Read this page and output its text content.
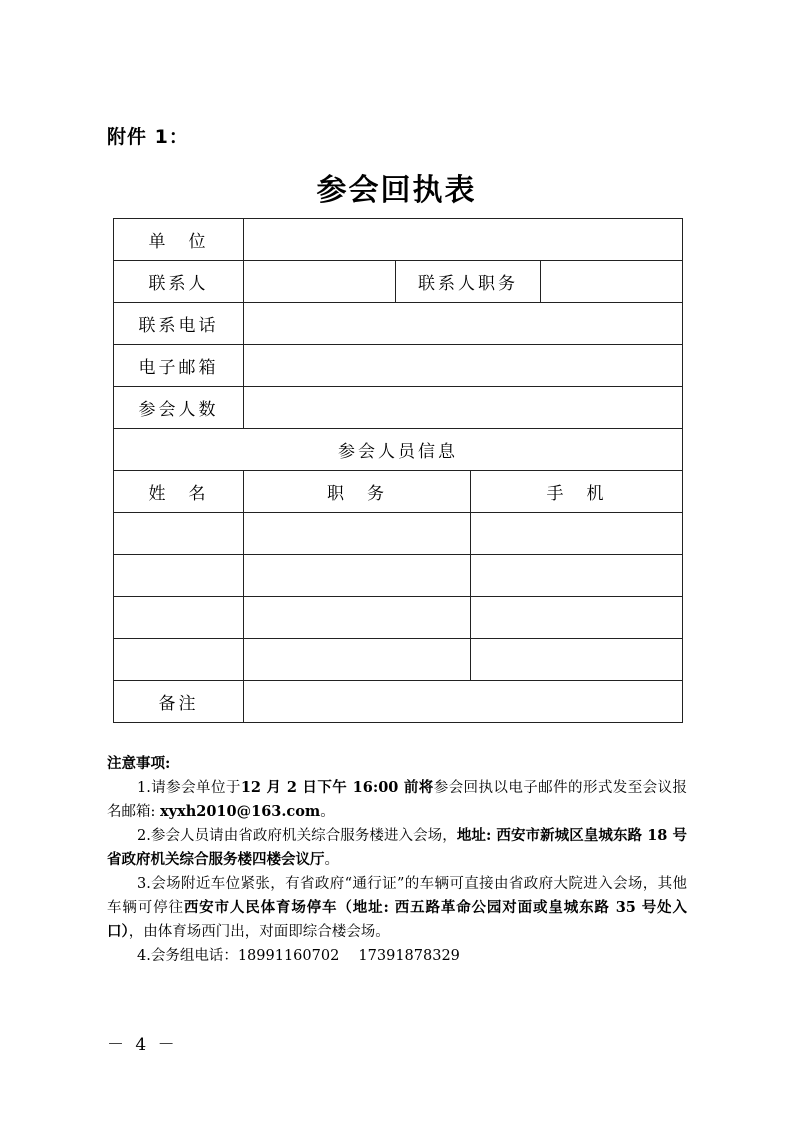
附件 1：
参会回执表
单　位				
联系人		联系人职务		
联系电话				
电子邮箱				
参会人数				
参会人员信息				
姓　名	职　务		手　机	

备注				
注意事项:

1.请参会单位于12 月 2 日下午 16:00 前将参会回执以电子邮件的形式发至会议报名邮箱: xyxh2010@163.com。

2.参会人员请由省政府机关综合服务楼进入会场，地址: 西安市新城区皇城东路 18 号省政府机关综合服务楼四楼会议厅。

3.会场附近车位紧张，有省政府“通行证”的车辆可直接由省政府大院进入会场，其他车辆可停往西安市人民体育场停车（地址: 西五路革命公园对面或皇城东路 35 号处入口），由体育场西门出，对面即综合楼会场。

4.会务组电话：18991160702　 17391878329

－ 4 －
